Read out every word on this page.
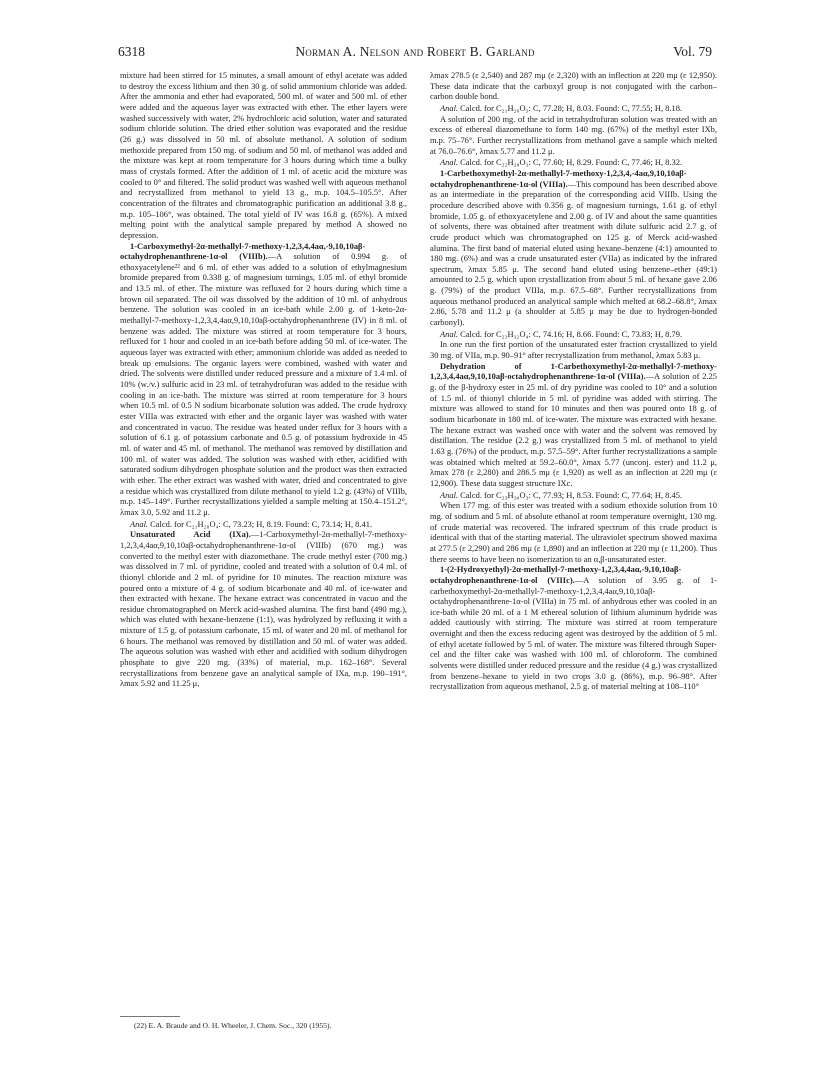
6318	Norman A. Nelson and Robert B. Garland	Vol. 79

mixture had been stirred for 15 minutes, a small amount of ethyl acetate was added to destroy the excess lithium and then 30 g. of solid ammonium chloride was added. After the ammonia and ether had evaporated, 500 ml. of water and 500 ml. of ether were added and the aqueous layer was extracted with ether. The ether layers were washed successively with water, 2% hydrochloric acid solution, water and saturated sodium chloride solution. The dried ether solution was evaporated and the residue (26 g.) was dissolved in 50 ml. of absolute methanol. A solution of sodium methoxide prepared from 150 mg. of sodium and 50 ml. of methanol was added and the mixture was kept at room temperature for 3 hours during which time a bulky mass of crystals formed. After the addition of 1 ml. of acetic acid the mixture was cooled to 0° and filtered. The solid product was washed well with aqueous methanol and recrystallized from methanol to yield 13 g., m.p. 104.5–105.5°. After concentration of the filtrates and chromatographic purification an additional 3.8 g., m.p. 105–106°, was obtained. The total yield of IV was 16.8 g. (65%). A mixed melting point with the analytical sample prepared by method A showed no depression.

1-Carboxymethyl-2α-methallyl-7-methoxy-1,2,3,4,4aα,-9,10,10aβ-octahydrophenanthrene-1α-ol (VIIIb).—A solution of 0.994 g. of ethoxyacetylene²² and 6 ml. of ether was added to a solution of ethylmagnesium bromide prepared from 0.338 g. of magnesium turnings, 1.05 ml. of ethyl bromide and 13.5 ml. of ether. The mixture was refluxed for 2 hours during which time a brown oil separated. The oil was dissolved by the addition of 10 ml. of anhydrous benzene. The solution was cooled in an ice-bath while 2.00 g. of 1-keto-2α-methallyl-7-methoxy-1,2,3,4,4aα,9,10,10aβ-octahydrophenanthrene (IV) in 8 ml. of benzene was added. The mixture was stirred at room temperature for 3 hours, refluxed for 1 hour and cooled in an ice-bath before adding 50 ml. of ice-water. The aqueous layer was extracted with ether; ammonium chloride was added as needed to break up emulsions. The organic layers were combined, washed with water and dried. The solvents were distilled under reduced pressure and a mixture of 1.4 ml. of 10% (w./v.) sulfuric acid in 23 ml. of tetrahydrofuran was added to the residue with cooling in an ice-bath. The mixture was stirred at room temperature for 3 hours when 10.5 ml. of 0.5 N sodium bicarbonate solution was added. The crude hydroxy ester VIIIa was extracted with ether and the organic layer was washed with water and concentrated in vacuo. The residue was heated under reflux for 3 hours with a solution of 6.1 g. of potassium carbonate and 0.5 g. of potassium hydroxide in 45 ml. of water and 45 ml. of methanol. The methanol was removed by distillation and 100 ml. of water was added. The solution was washed with ether, acidified with saturated sodium dihydrogen phosphate solution and the product was then extracted with ether. The ether extract was washed with water, dried and concentrated to give a residue which was crystallized from dilute methanol to yield 1.2 g. (43%) of VIIIb, m.p. 145–149°. Further recrystallizations yielded a sample melting at 150.4–151.2°, λmax 3.0, 5.92 and 11.2 μ.

Anal. Calcd. for C₂₁H₂₈O₄: C, 73.23; H, 8.19. Found: C, 73.14; H, 8.41.

Unsaturated Acid (IXa).—1-Carboxymethyl-2α-methallyl-7-methoxy-1,2,3,4,4aα,9,10,10aβ-octahydrophenanthrene-1α-ol (VIIIb) (670 mg.) was converted to the methyl ester with diazomethane. The crude methyl ester (700 mg.) was dissolved in 7 ml. of pyridine, cooled and treated with a solution of 0.4 ml. of thionyl chloride and 2 ml. of pyridine for 10 minutes. The reaction mixture was poured onto a mixture of 4 g. of sodium bicarbonate and 40 ml. of ice-water and then extracted with hexane. The hexane extract was concentrated in vacuo and the residue chromatographed on Merck acid-washed alumina. The first band (490 mg.), which was eluted with hexane-benzene (1:1), was hydrolyzed by refluxing it with a mixture of 1.5 g. of potassium carbonate, 15 ml. of water and 20 ml. of methanol for 6 hours. The methanol was removed by distillation and 50 ml. of water was added. The aqueous solution was washed with ether and acidified with sodium dihydrogen phosphate to give 220 mg. (33%) of material, m.p. 162–168°. Several recrystallizations from benzene gave an analytical sample of IXa, m.p. 190–191°, λmax 5.92 and 11.25 μ,

λmax 278.5 (ε 2,540) and 287 mμ (ε 2,320) with an inflection at 220 mμ (ε 12,950). These data indicate that the carboxyl group is not conjugated with the carbon–carbon double bond.

Anal. Calcd. for C₂₁H₂₆O₃: C, 77.28; H, 8.03. Found: C, 77.55; H, 8.18.

A solution of 200 mg. of the acid in tetrahydrofuran solution was treated with an excess of ethereal diazomethane to form 140 mg. (67%) of the methyl ester IXb, m.p. 75–76°. Further recrystallizations from methanol gave a sample which melted at 76.0–76.6°, λmax 5.77 and 11.2 μ.

Anal. Calcd. for C₂₂H₂₈O₃: C, 77.60; H, 8.29. Found: C, 77.46; H, 8.32.

1-Carbethoxymethyl-2α-methallyl-7-methoxy-1,2,3,4,-4aα,9,10,10aβ-octahydrophenanthrene-1α-ol (VIIIa).—This compound has been described above as an intermediate in the preparation of the corresponding acid VIIIb. Using the procedure described above with 0.356 g. of magnesium turnings, 1.61 g. of ethyl bromide, 1.05 g. of ethoxyacetylene and 2.00 g. of IV and about the same quantities of solvents, there was obtained after treatment with dilute sulfuric acid 2.7 g. of crude product which was chromatographed on 125 g. of Merck acid-washed alumina. The first band of material eluted using hexane–benzene (4:1) amounted to 180 mg. (6%) and was a crude unsaturated ester (VIIa) as indicated by the infrared spectrum, λmax 5.85 μ. The second band eluted using benzene–ether (49:1) amounted to 2.5 g. which upon crystallization from about 5 ml. of hexane gave 2.06 g. (79%) of the product VIIIa, m.p. 67.5–68°. Further recrystallizations from aqueous methanol produced an analytical sample which melted at 68.2–68.8°, λmax 2.86, 5.78 and 11.2 μ (a shoulder at 5.85 μ may be due to hydrogen-bonded carbonyl).

Anal. Calcd. for C₂₃H₃₂O₄: C, 74.16; H, 8.66. Found: C, 73.83; H, 8.79.

In one run the first portion of the unsaturated ester fraction crystallized to yield 30 mg. of VIIa, m.p. 90–91° after recrystallization from methanol, λmax 5.83 μ.

Dehydration of 1-Carbethoxymethyl-2α-methallyl-7-methoxy-1,2,3,4,4aα,9,10,10aβ-octahydrophenanthrene-1α-ol (VIIIa).—A solution of 2.25 g. of the β-hydroxy ester in 25 ml. of dry pyridine was cooled to 10° and a solution of 1.5 ml. of thionyl chloride in 5 ml. of pyridine was added with stirring. The mixture was allowed to stand for 10 minutes and then was poured onto 18 g. of sodium bicarbonate in 180 ml. of ice-water. The mixture was extracted with hexane. The hexane extract was washed once with water and the solvent was removed by distillation. The residue (2.2 g.) was crystallized from 5 ml. of methanol to yield 1.63 g. (76%) of the product, m.p. 57.5–59°. After further recrystallizations a sample was obtained which melted at 59.2–60.0°, λmax 5.77 (unconj. ester) and 11.2 μ, λmax 278 (ε 2,280) and 286.5 mμ (ε 1,920) as well as an inflection at 220 mμ (ε 12,900). These data suggest structure IXc.

Anal. Calcd. for C₂₃H₃₀O₃: C, 77.93; H, 8.53. Found: C, 77.64; H, 8.45.

When 177 mg. of this ester was treated with a sodium ethoxide solution from 10 mg. of sodium and 5 ml. of absolute ethanol at room temperature overnight, 130 mg. of crude material was recovered. The infrared spectrum of this crude product is identical with that of the starting material. The ultraviolet spectrum showed maxima at 277.5 (ε 2,290) and 286 mμ (ε 1,890) and an inflection at 220 mμ (ε 11,200). Thus there seems to have been no isomerization to an α,β-unsaturated ester.

1-(2-Hydroxyethyl)-2α-methallyl-7-methoxy-1,2,3,4,4aα,-9,10,10aβ-octahydrophenanthrene-1α-ol (VIIIc).—A solution of 3.95 g. of 1-carbethoxymethyl-2α-methallyl-7-methoxy-1,2,3,4,4aα,9,10,10aβ-octahydrophenanthrene-1α-ol (VIIIa) in 75 ml. of anhydrous ether was cooled in an ice-bath while 20 ml. of a 1 M ethereal solution of lithium aluminum hydride was added cautiously with stirring. The mixture was stirred at room temperature overnight and then the excess reducing agent was destroyed by the addition of 5 ml. of ethyl acetate followed by 5 ml. of water. The mixture was filtered through Super-cel and the filter cake was washed with 100 ml. of chloroform. The combined solvents were distilled under reduced pressure and the residue (4 g.) was crystallized from benzene–hexane to yield in two crops 3.0 g. (86%), m.p. 96–98°. After recrystallization from aqueous methanol, 2.5 g. of material melting at 108–110°

(22) E. A. Braude and O. H. Wheeler, J. Chem. Soc., 320 (1955).
